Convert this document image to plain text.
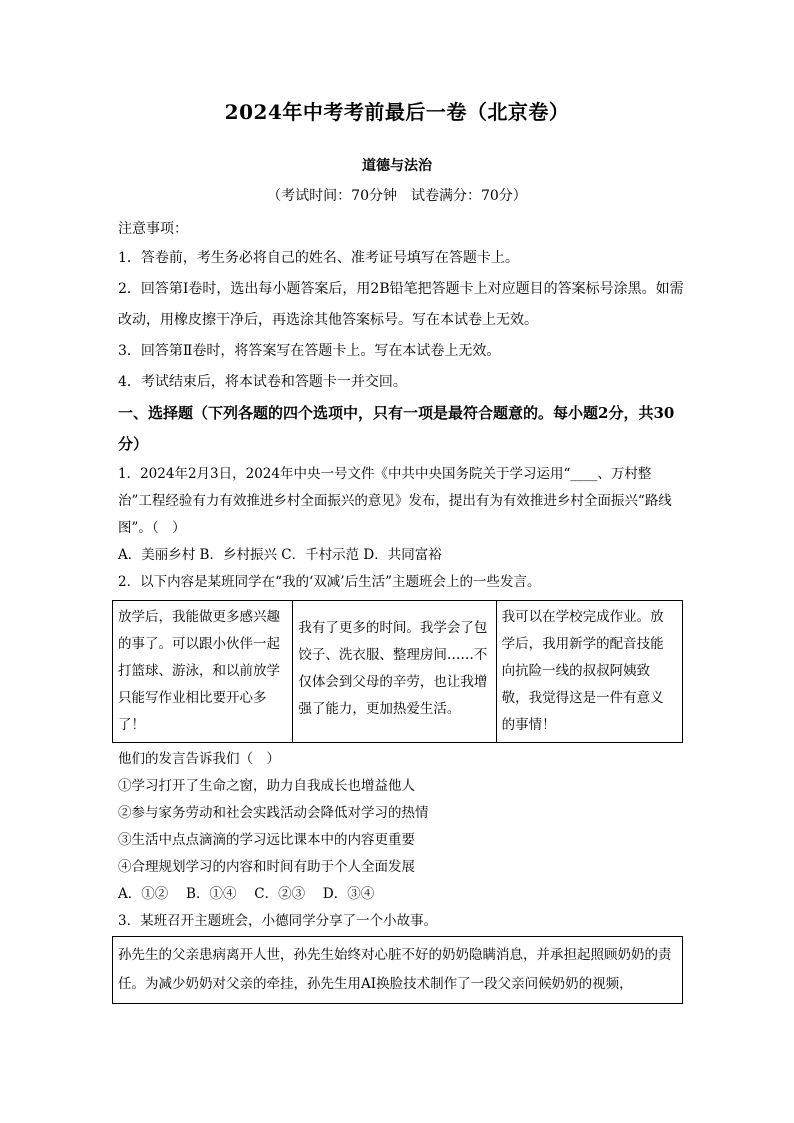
2024年中考考前最后一卷（北京卷）
道德与法治
（考试时间：70分钟　试卷满分：70分）
注意事项：
1．答卷前，考生务必将自己的姓名、准考证号填写在答题卡上。
2．回答第Ⅰ卷时，选出每小题答案后，用2B铅笔把答题卡上对应题目的答案标号涂黑。如需改动，用橡皮擦干净后，再选涂其他答案标号。写在本试卷上无效。
3．回答第Ⅱ卷时，将答案写在答题卡上。写在本试卷上无效。
4．考试结束后，将本试卷和答题卡一并交回。
一、选择题（下列各题的四个选项中，只有一项是最符合题意的。每小题2分，共30分）
1．2024年2月3日，2024年中央一号文件《中共中央国务院关于学习运用“____、万村整治”工程经验有力有效推进乡村全面振兴的意见》发布，提出有为有效推进乡村全面振兴“路线图”。（　）
A．美丽乡村 B．乡村振兴 C．千村示范 D．共同富裕
2．以下内容是某班同学在“我的‘双减’后生活”主题班会上的一些发言。
放学后，我能做更多感兴趣的事了。可以跟小伙伴一起打篮球、游泳，和以前放学只能写作业相比要开心多了！	我有了更多的时间。我学会了包饺子、洗衣服、整理房间……不仅体会到父母的辛劳，也让我增强了能力，更加热爱生活。	我可以在学校完成作业。放学后，我用新学的配音技能向抗险一线的叔叔阿姨致敬，我觉得这是一件有意义的事情！
他们的发言告诉我们（　）
①学习打开了生命之窗，助力自我成长也增益他人
②参与家务劳动和社会实践活动会降低对学习的热情
③生活中点点滴滴的学习远比课本中的内容更重要
④合理规划学习的内容和时间有助于个人全面发展
A．①②　 B．①④　 C．②③　 D．③④
3．某班召开主题班会，小德同学分享了一个小故事。
孙先生的父亲患病离开人世，孙先生始终对心脏不好的奶奶隐瞒消息，并承担起照顾奶奶的责任。为减少奶奶对父亲的牵挂，孙先生用AI换脸技术制作了一段父亲问候奶奶的视频，
